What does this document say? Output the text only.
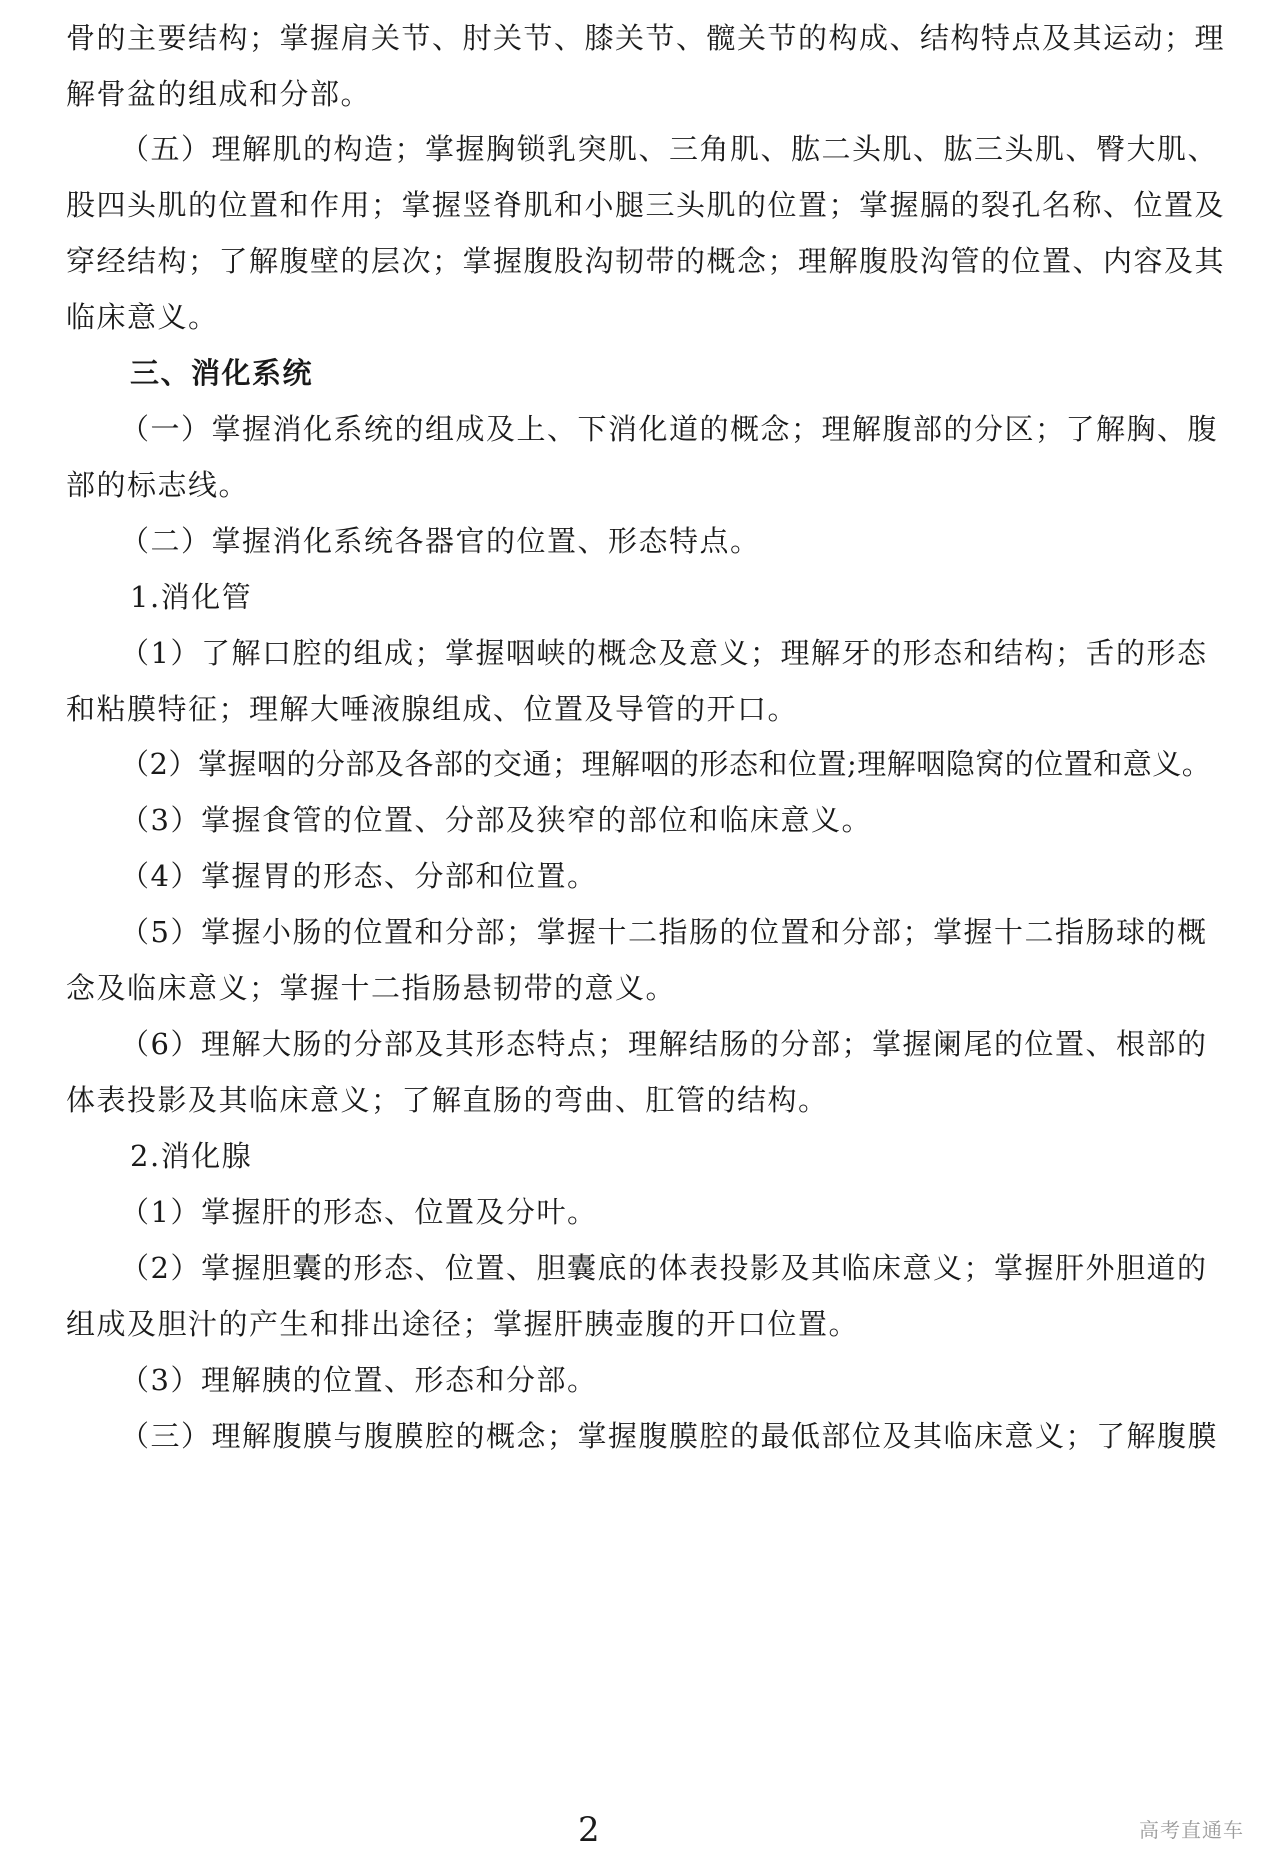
骨的主要结构；掌握肩关节、肘关节、膝关节、髋关节的构成、结构特点及其运动；理
解骨盆的组成和分部。
（五）理解肌的构造；掌握胸锁乳突肌、三角肌、肱二头肌、肱三头肌、臀大肌、
股四头肌的位置和作用；掌握竖脊肌和小腿三头肌的位置；掌握膈的裂孔名称、位置及
穿经结构；了解腹壁的层次；掌握腹股沟韧带的概念；理解腹股沟管的位置、内容及其
临床意义。
三、消化系统
（一）掌握消化系统的组成及上、下消化道的概念；理解腹部的分区；了解胸、腹
部的标志线。
（二）掌握消化系统各器官的位置、形态特点。
1.消化管
（1）了解口腔的组成；掌握咽峡的概念及意义；理解牙的形态和结构；舌的形态
和粘膜特征；理解大唾液腺组成、位置及导管的开口。
（2）掌握咽的分部及各部的交通；理解咽的形态和位置;理解咽隐窝的位置和意义。
（3）掌握食管的位置、分部及狭窄的部位和临床意义。
（4）掌握胃的形态、分部和位置。
（5）掌握小肠的位置和分部；掌握十二指肠的位置和分部；掌握十二指肠球的概
念及临床意义；掌握十二指肠悬韧带的意义。
（6）理解大肠的分部及其形态特点；理解结肠的分部；掌握阑尾的位置、根部的
体表投影及其临床意义；了解直肠的弯曲、肛管的结构。
2.消化腺
（1）掌握肝的形态、位置及分叶。
（2）掌握胆囊的形态、位置、胆囊底的体表投影及其临床意义；掌握肝外胆道的
组成及胆汁的产生和排出途径；掌握肝胰壶腹的开口位置。
（3）理解胰的位置、形态和分部。
（三）理解腹膜与腹膜腔的概念；掌握腹膜腔的最低部位及其临床意义；了解腹膜
2	高考直通车
